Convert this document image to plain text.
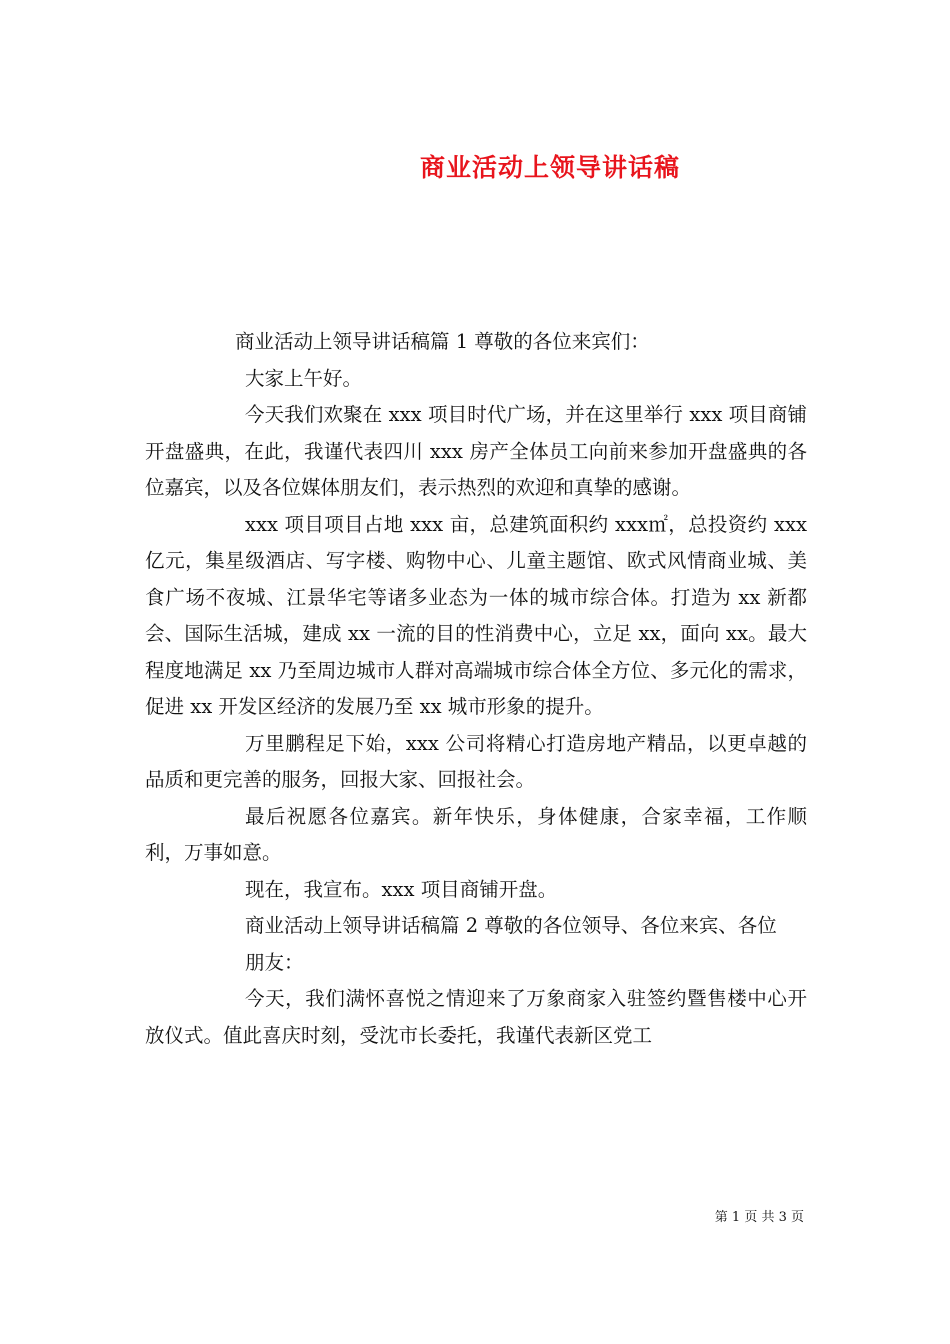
商业活动上领导讲话稿

商业活动上领导讲话稿篇 1 尊敬的各位来宾们：

大家上午好。

今天我们欢聚在 xxx 项目时代广场，并在这里举行 xxx 项目商铺开盘盛典，在此，我谨代表四川 xxx 房产全体员工向前来参加开盘盛典的各位嘉宾，以及各位媒体朋友们，表示热烈的欢迎和真挚的感谢。

xxx 项目项目占地 xxx 亩，总建筑面积约 xxx㎡，总投资约 xxx 亿元，集星级酒店、写字楼、购物中心、儿童主题馆、欧式风情商业城、美食广场不夜城、江景华宅等诸多业态为一体的城市综合体。打造为 xx 新都会、国际生活城，建成 xx 一流的目的性消费中心，立足 xx，面向 xx。最大程度地满足 xx 乃至周边城市人群对高端城市综合体全方位、多元化的需求，促进 xx 开发区经济的发展乃至 xx 城市形象的提升。

万里鹏程足下始，xxx 公司将精心打造房地产精品，以更卓越的品质和更完善的服务，回报大家、回报社会。

最后祝愿各位嘉宾。新年快乐，身体健康，合家幸福，工作顺利，万事如意。

现在，我宣布。xxx 项目商铺开盘。

商业活动上领导讲话稿篇 2 尊敬的各位领导、各位来宾、各位

朋友：

今天，我们满怀喜悦之情迎来了万象商家入驻签约暨售楼中心开放仪式。值此喜庆时刻，受沈市长委托，我谨代表新区党工

第 1 页 共 3 页
